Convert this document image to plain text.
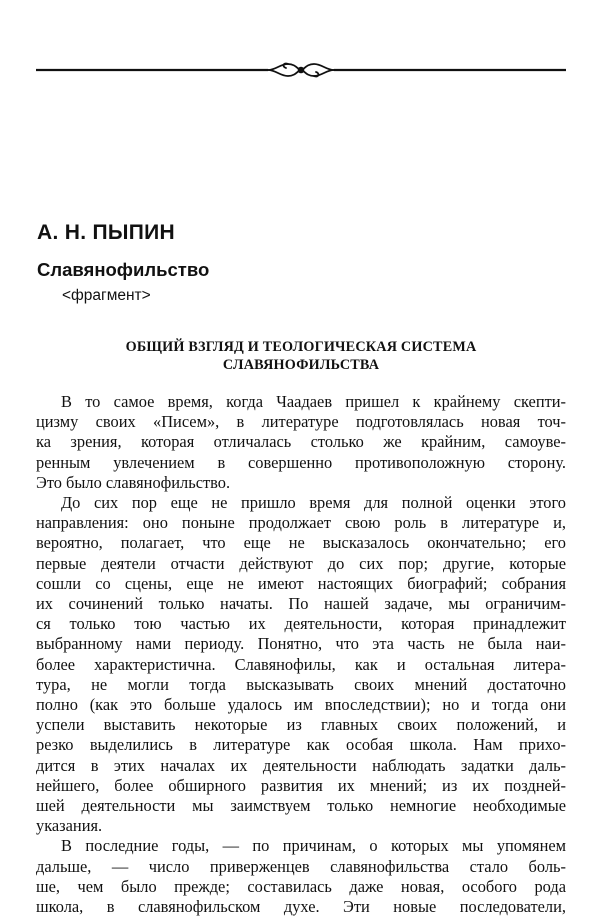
А. Н. ПЫПИН
Славянофильство
<фрагмент>
ОБЩИЙ ВЗГЛЯД И ТЕОЛОГИЧЕСКАЯ СИСТЕМА
СЛАВЯНОФИЛЬСТВА
В то самое время, когда Чаадаев пришел к крайнему скепти-
цизму своих «Писем», в литературе подготовлялась новая точ-
ка зрения, которая отличалась столько же крайним, самоуве-
ренным увлечением в совершенно противоположную сторону.
Это было славянофильство.
До сих пор еще не пришло время для полной оценки этого
направления: оно поныне продолжает свою роль в литературе и,
вероятно, полагает, что еще не высказалось окончательно; его
первые деятели отчасти действуют до сих пор; другие, которые
сошли со сцены, еще не имеют настоящих биографий; собрания
их сочинений только начаты. По нашей задаче, мы ограничим-
ся только тою частью их деятельности, которая принадлежит
выбранному нами периоду. Понятно, что эта часть не была наи-
более характеристична. Славянофилы, как и остальная литера-
тура, не могли тогда высказывать своих мнений достаточно
полно (как это больше удалось им впоследствии); но и тогда они
успели выставить некоторые из главных своих положений, и
резко выделились в литературе как особая школа. Нам прихо-
дится в этих началах их деятельности наблюдать задатки даль-
нейшего, более обширного развития их мнений; из их поздней-
шей деятельности мы заимствуем только немногие необходимые
указания.
В последние годы, — по причинам, о которых мы упомянем
дальше, — число приверженцев славянофильства стало боль-
ше, чем было прежде; составилась даже новая, особого рода
школа, в славянофильском духе. Эти новые последователи,
